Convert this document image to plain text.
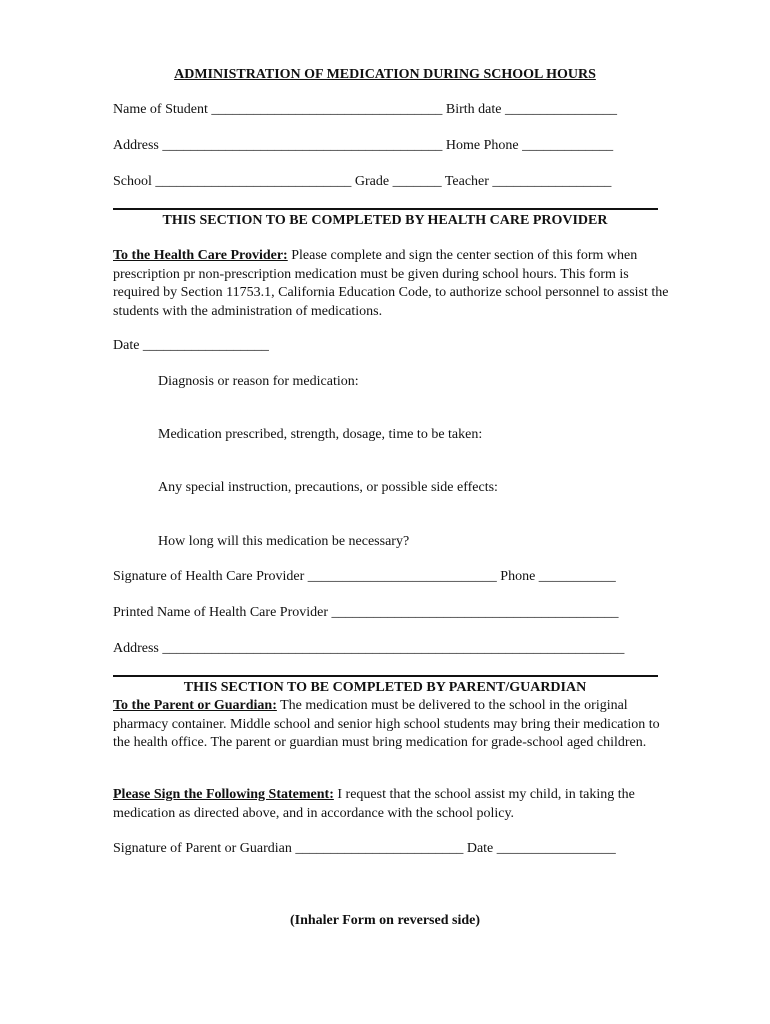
ADMINISTRATION OF MEDICATION DURING SCHOOL HOURS
Name of Student _________________________________ Birth date ________________
Address ________________________________________ Home Phone _____________
School ____________________________ Grade _______ Teacher _________________
THIS SECTION TO BE COMPLETED BY HEALTH CARE PROVIDER
To the Health Care Provider: Please complete and sign the center section of this form when prescription pr non-prescription medication must be given during school hours. This form is required by Section 11753.1, California Education Code, to authorize school personnel to assist the students with the administration of medications.
Date __________________
Diagnosis or reason for medication:
Medication prescribed, strength, dosage, time to be taken:
Any special instruction, precautions, or possible side effects:
How long will this medication be necessary?
Signature of Health Care Provider ___________________________ Phone ___________
Printed Name of Health Care Provider _________________________________________
Address __________________________________________________________________
THIS SECTION TO BE COMPLETED BY PARENT/GUARDIAN
To the Parent or Guardian: The medication must be delivered to the school in the original pharmacy container. Middle school and senior high school students may bring their medication to the health office. The parent or guardian must bring medication for grade-school aged children.
Please Sign the Following Statement: I request that the school assist my child, in taking the medication as directed above, and in accordance with the school policy.
Signature of Parent or Guardian ________________________ Date _________________
(Inhaler Form on reversed side)
